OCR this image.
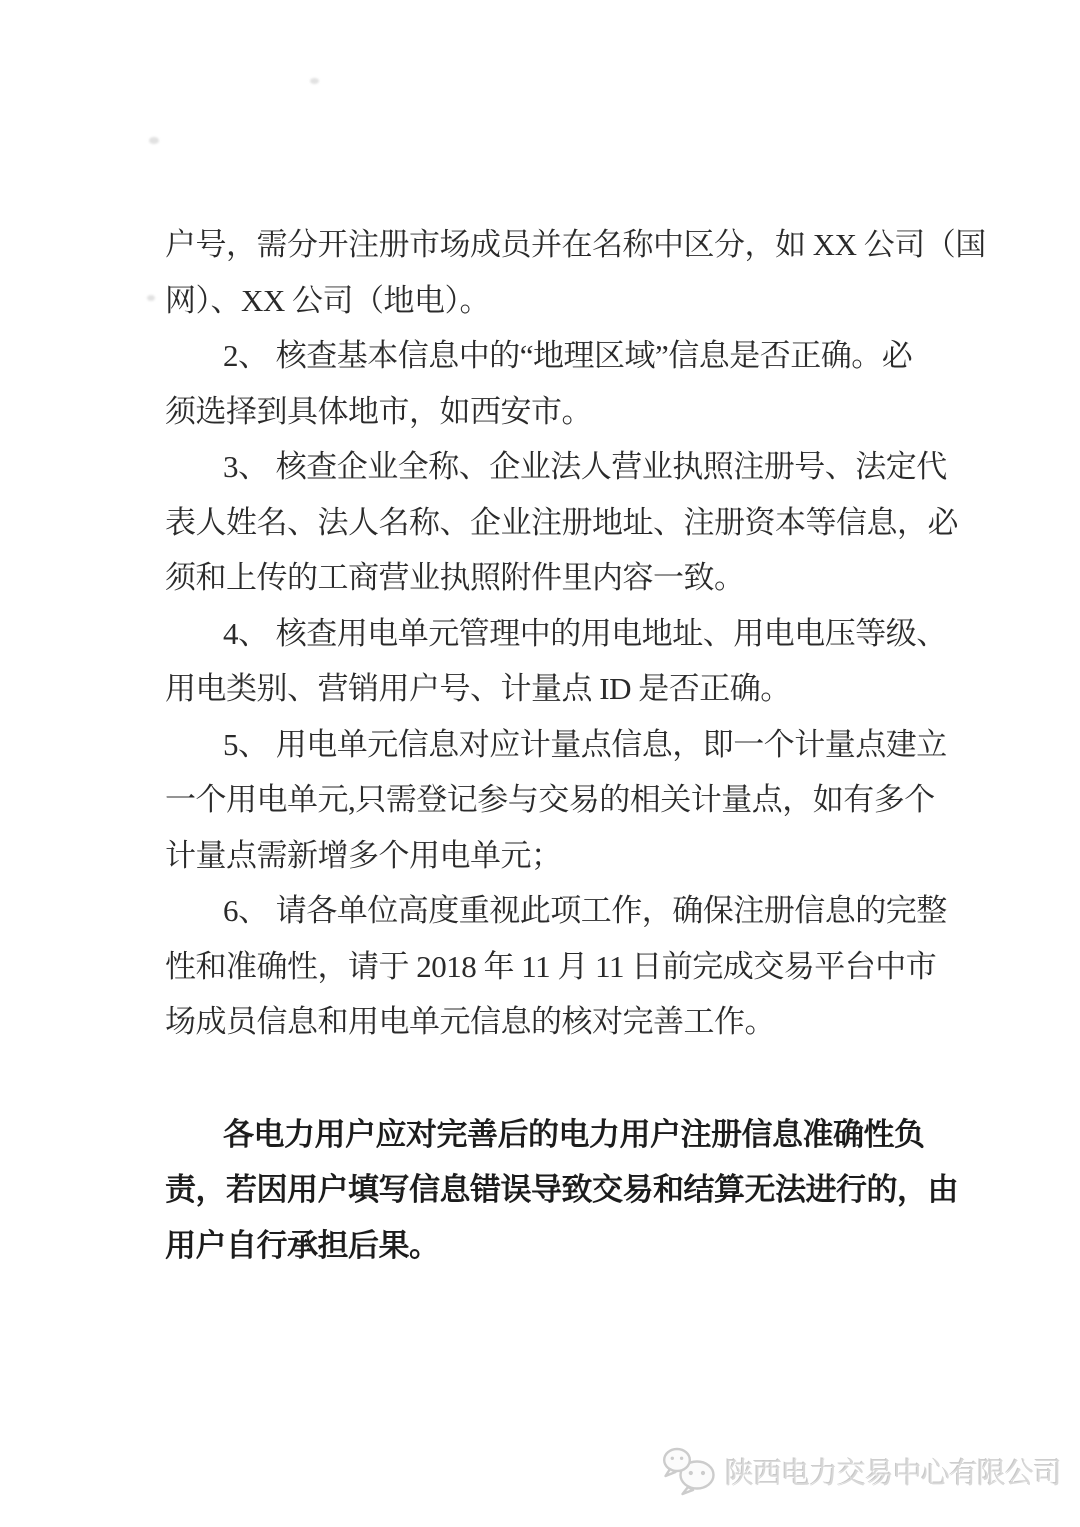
户号，需分开注册市场成员并在名称中区分，如 XX 公司（国
网）、XX 公司（地电）。
2、 核查基本信息中的“地理区域”信息是否正确。必
须选择到具体地市，如西安市。
3、 核查企业全称、企业法人营业执照注册号、法定代
表人姓名、法人名称、企业注册地址、注册资本等信息，必
须和上传的工商营业执照附件里内容一致。
4、 核查用电单元管理中的用电地址、用电电压等级、
用电类别、营销用户号、计量点 ID 是否正确。
5、 用电单元信息对应计量点信息，即一个计量点建立
一个用电单元,只需登记参与交易的相关计量点，如有多个
计量点需新增多个用电单元；
6、 请各单位高度重视此项工作，确保注册信息的完整
性和准确性，请于 2018 年 11 月 11 日前完成交易平台中市
场成员信息和用电单元信息的核对完善工作。
各电力用户应对完善后的电力用户注册信息准确性负
责，若因用户填写信息错误导致交易和结算无法进行的，由
用户自行承担后果。
陕西电力交易中心有限公司
